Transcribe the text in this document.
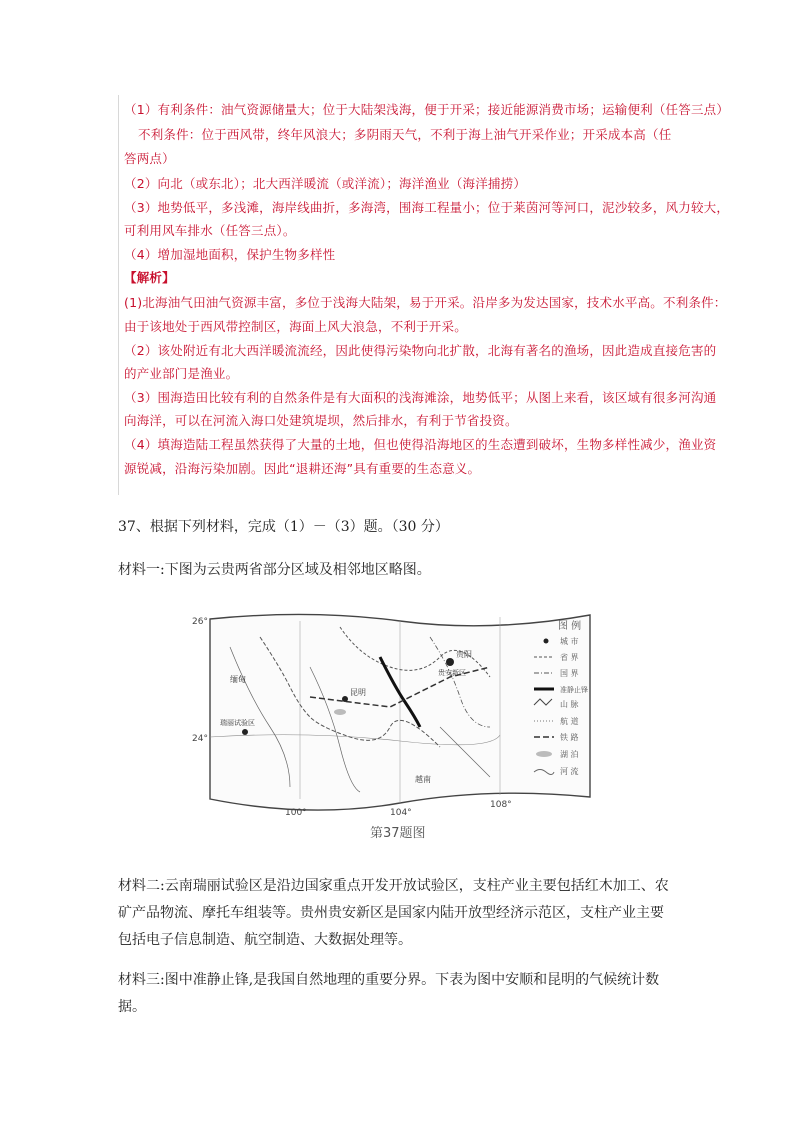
（1）有利条件：油气资源储量大；位于大陆架浅海，便于开采；接近能源消费市场；运输便利（任答三点）
不利条件：位于西风带，终年风浪大；多阴雨天气，不利于海上油气开采作业；开采成本高（任
答两点）
（2）向北（或东北）；北大西洋暖流（或洋流）；海洋渔业（海洋捕捞）
（3）地势低平，多浅滩，海岸线曲折，多海湾，围海工程量小；位于莱茵河等河口，泥沙较多，风力较大，
可利用风车排水（任答三点）。
（4）增加湿地面积，保护生物多样性
【解析】
(1)北海油气田油气资源丰富，多位于浅海大陆架，易于开采。沿岸多为发达国家，技术水平高。不利条件：
由于该地处于西风带控制区，海面上风大浪急，不利于开采。
（2）该处附近有北大西洋暖流流经，因此使得污染物向北扩散，北海有著名的渔场，因此造成直接危害的
的产业部门是渔业。
（3）围海造田比较有利的自然条件是有大面积的浅海滩涂，地势低平；从图上来看，该区域有很多河沟通
向海洋，可以在河流入海口处建筑堤坝，然后排水，有利于节省投资。
（4）填海造陆工程虽然获得了大量的土地，但也使得沿海地区的生态遭到破坏，生物多样性减少，渔业资
源锐减，沿海污染加剧。因此“退耕还海”具有重要的生态意义。
37、根据下列材料，完成（1）－（3）题。（30 分）
材料一:下图为云贵两省部分区域及相邻地区略图。
26°
24°
100°	104°
108°
贵阳
贵安新区
昆明
瑞丽试验区
越南
缅甸
图 例
城 市
省 界
国 界
准静止锋
山 脉
航 道
铁 路
湖 泊
河 流
第37题图
材料二:云南瑞丽试验区是沿边国家重点开发开放试验区，支柱产业主要包括红木加工、农
矿产品物流、摩托车组装等。贵州贵安新区是国家内陆开放型经济示范区，支柱产业主要
包括电子信息制造、航空制造、大数据处理等。
材料三:图中准静止锋,是我国自然地理的重要分界。下表为图中安顺和昆明的气候统计数
据。
